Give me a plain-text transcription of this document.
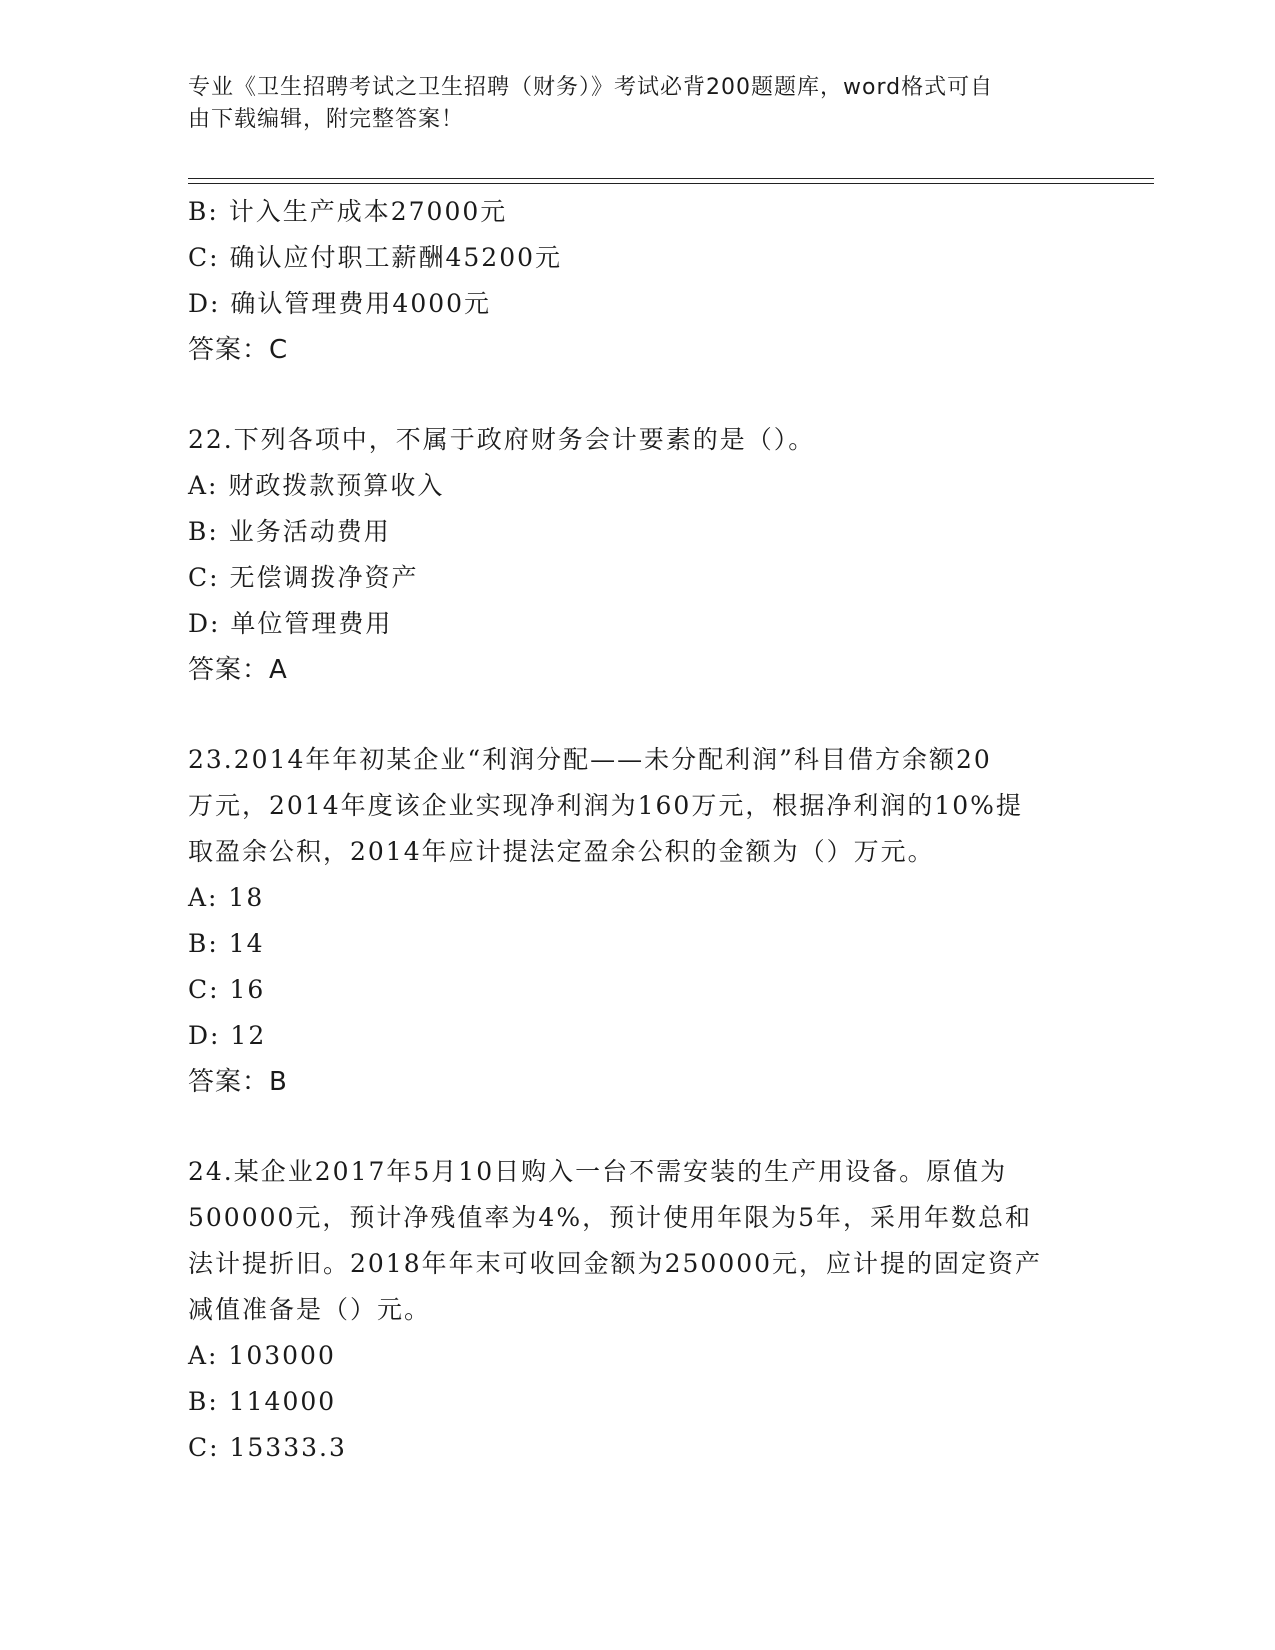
专业《卫生招聘考试之卫生招聘（财务）》考试必背200题题库，word格式可自
由下载编辑，附完整答案！
B: 计入生产成本27000元
C: 确认应付职工薪酬45200元
D: 确认管理费用4000元
答案：C
22.下列各项中，不属于政府财务会计要素的是（）。
A: 财政拨款预算收入
B: 业务活动费用
C: 无偿调拨净资产
D: 单位管理费用
答案：A
23.2014年年初某企业“利润分配——未分配利润”科目借方余额20
万元，2014年度该企业实现净利润为160万元，根据净利润的10%提
取盈余公积，2014年应计提法定盈余公积的金额为（）万元。
A: 18
B: 14
C: 16
D: 12
答案：B
24.某企业2017年5月10日购入一台不需安装的生产用设备。原值为
500000元，预计净残值率为4%，预计使用年限为5年，采用年数总和
法计提折旧。2018年年末可收回金额为250000元，应计提的固定资产
减值准备是（）元。
A: 103000
B: 114000
C: 15333.3
